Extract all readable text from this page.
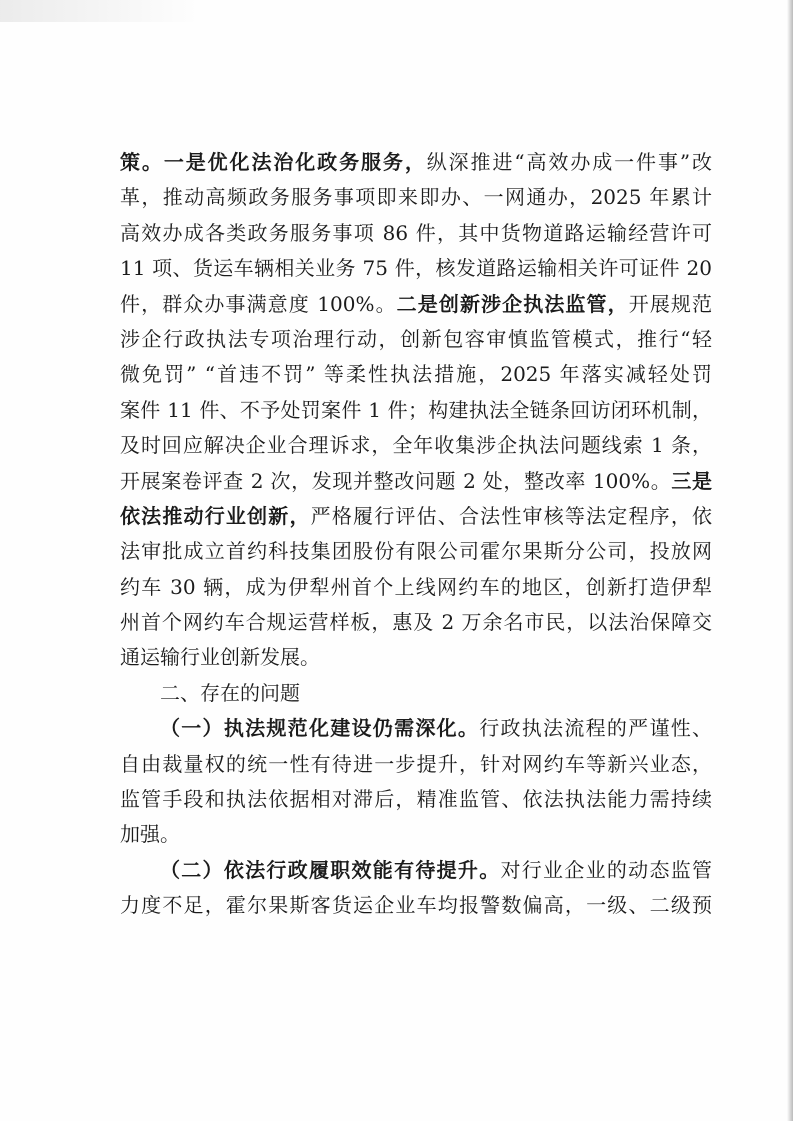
策。一是优化法治化政务服务，纵深推进“高效办成一件事”改
革，推动高频政务服务事项即来即办、一网通办，2025 年累计
高效办成各类政务服务事项 86 件，其中货物道路运输经营许可
11 项、货运车辆相关业务 75 件，核发道路运输相关许可证件 20
件，群众办事满意度 100%。二是创新涉企执法监管，开展规范
涉企行政执法专项治理行动，创新包容审慎监管模式，推行“轻
微免罚” “首违不罚” 等柔性执法措施，2025 年落实减轻处罚
案件 11 件、不予处罚案件 1 件；构建执法全链条回访闭环机制，
及时回应解决企业合理诉求，全年收集涉企执法问题线索 1 条，
开展案卷评查 2 次，发现并整改问题 2 处，整改率 100%。三是
依法推动行业创新，严格履行评估、合法性审核等法定程序，依
法审批成立首约科技集团股份有限公司霍尔果斯分公司，投放网
约车 30 辆，成为伊犁州首个上线网约车的地区，创新打造伊犁
州首个网约车合规运营样板，惠及 2 万余名市民，以法治保障交
通运输行业创新发展。
二、存在的问题
（一）执法规范化建设仍需深化。行政执法流程的严谨性、
自由裁量权的统一性有待进一步提升，针对网约车等新兴业态，
监管手段和执法依据相对滞后，精准监管、依法执法能力需持续
加强。
（二）依法行政履职效能有待提升。对行业企业的动态监管
力度不足，霍尔果斯客货运企业车均报警数偏高，一级、二级预
